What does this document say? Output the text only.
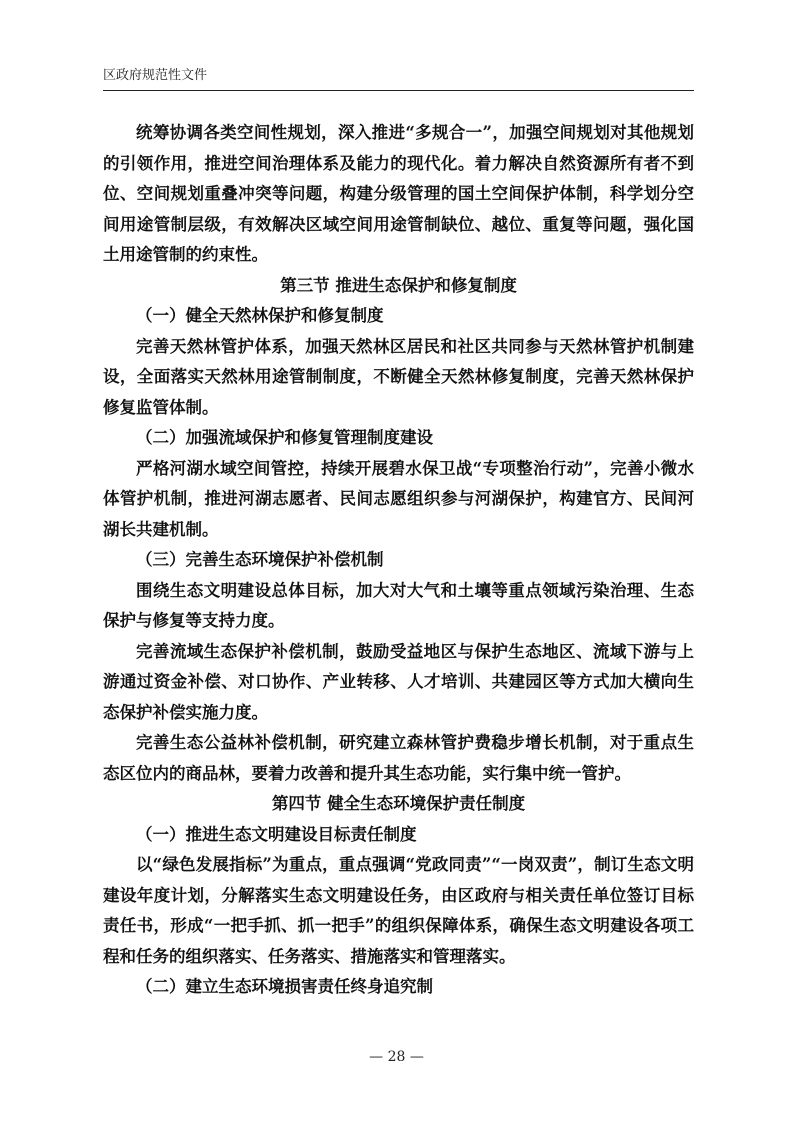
区政府规范性文件

统筹协调各类空间性规划，深入推进“多规合一”，加强空间规划对其他规划的引领作用，推进空间治理体系及能力的现代化。着力解决自然资源所有者不到位、空间规划重叠冲突等问题，构建分级管理的国土空间保护体制，科学划分空间用途管制层级，有效解决区域空间用途管制缺位、越位、重复等问题，强化国土用途管制的约束性。

第三节 推进生态保护和修复制度
（一）健全天然林保护和修复制度

完善天然林管护体系，加强天然林区居民和社区共同参与天然林管护机制建设，全面落实天然林用途管制制度，不断健全天然林修复制度，完善天然林保护修复监管体制。

（二）加强流域保护和修复管理制度建设

严格河湖水域空间管控，持续开展碧水保卫战“专项整治行动”，完善小微水体管护机制，推进河湖志愿者、民间志愿组织参与河湖保护，构建官方、民间河湖长共建机制。

（三）完善生态环境保护补偿机制

围绕生态文明建设总体目标，加大对大气和土壤等重点领域污染治理、生态保护与修复等支持力度。

完善流域生态保护补偿机制，鼓励受益地区与保护生态地区、流域下游与上游通过资金补偿、对口协作、产业转移、人才培训、共建园区等方式加大横向生态保护补偿实施力度。

完善生态公益林补偿机制，研究建立森林管护费稳步增长机制，对于重点生态区位内的商品林，要着力改善和提升其生态功能，实行集中统一管护。

第四节 健全生态环境保护责任制度
（一）推进生态文明建设目标责任制度

以“绿色发展指标”为重点，重点强调“党政同责”“一岗双责”，制订生态文明建设年度计划，分解落实生态文明建设任务，由区政府与相关责任单位签订目标责任书，形成“一把手抓、抓一把手”的组织保障体系，确保生态文明建设各项工程和任务的组织落实、任务落实、措施落实和管理落实。

（二）建立生态环境损害责任终身追究制
— 28 —
